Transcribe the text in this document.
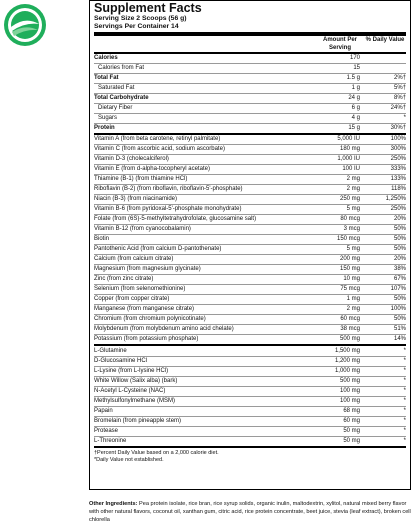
Supplement Facts
Serving Size 2 Scoops (56 g)
Servings Per Container 14
Amount Per Serving
% Daily Value
Calories	170
Calories from Fat	15
Total Fat	1.5 g	2%†
Saturated Fat	1 g	5%†
Total Carbohydrate	24 g	8%†
Dietary Fiber	6 g	24%†
Sugars	4 g	*
Protein	15 g	30%†
Vitamin A (from beta carotene, retinyl palmitate)	5,000 IU	100%
Vitamin C (from ascorbic acid, sodium ascorbate)	180 mg	300%
Vitamin D-3 (cholecalciferol)	1,000 IU	250%
Vitamin E (from d-alpha-tocopheryl acetate)	100 IU	333%
Thiamine (B-1) (from thiamine HCl)	2 mg	133%
Riboflavin (B-2) (from riboflavin, riboflavin-5'-phosphate)	2 mg	118%
Niacin (B-3) (from niacinamide)	250 mg	1,250%
Vitamin B-6 (from pyridoxal-5'-phosphate monohydrate)	5 mg	250%
Folate (from (6S)-5-methyltetrahydrofolate, glucosamine salt)	80 mcg	20%
Vitamin B-12 (from cyanocobalamin)	3 mcg	50%
Biotin	150 mcg	50%
Pantothenic Acid (from calcium D-pantothenate)	5 mg	50%
Calcium (from calcium citrate)	200 mg	20%
Magnesium (from magnesium glycinate)	150 mg	38%
Zinc (from zinc citrate)	10 mg	67%
Selenium (from selenomethionine)	75 mcg	107%
Copper (from copper citrate)	1 mg	50%
Manganese (from manganese citrate)	2 mg	100%
Chromium (from chromium polynicotinate)	60 mcg	50%
Molybdenum (from molybdenum amino acid chelate)	38 mcg	51%
Potassium (from potassium phosphate)	500 mg	14%
L-Glutamine	1,500 mg	*
D-Glucosamine HCl	1,200 mg	*
L-Lysine (from L-lysine HCl)	1,000 mg	*
White Willow (Salix alba) (bark)	500 mg	*
N-Acetyl L-Cysteine (NAC)	100 mg	*
Methylsulfonylmethane (MSM)	100 mg	*
Papain	68 mg	*
Bromelain (from pineapple stem)	60 mg	*
Protease	50 mg	*
L-Threonine	50 mg	*
†Percent Daily Value based on a 2,000 calorie diet.
*Daily Value not established.
Other Ingredients: Pea protein isolate, rice bran, rice syrup solids, organic inulin, maltodextrin, xylitol, natural mixed berry flavor with other natural flavors, coconut oil, xanthan gum, citric acid, rice protein concentrate, beet juice, stevia (leaf extract), broken cell chlorella
